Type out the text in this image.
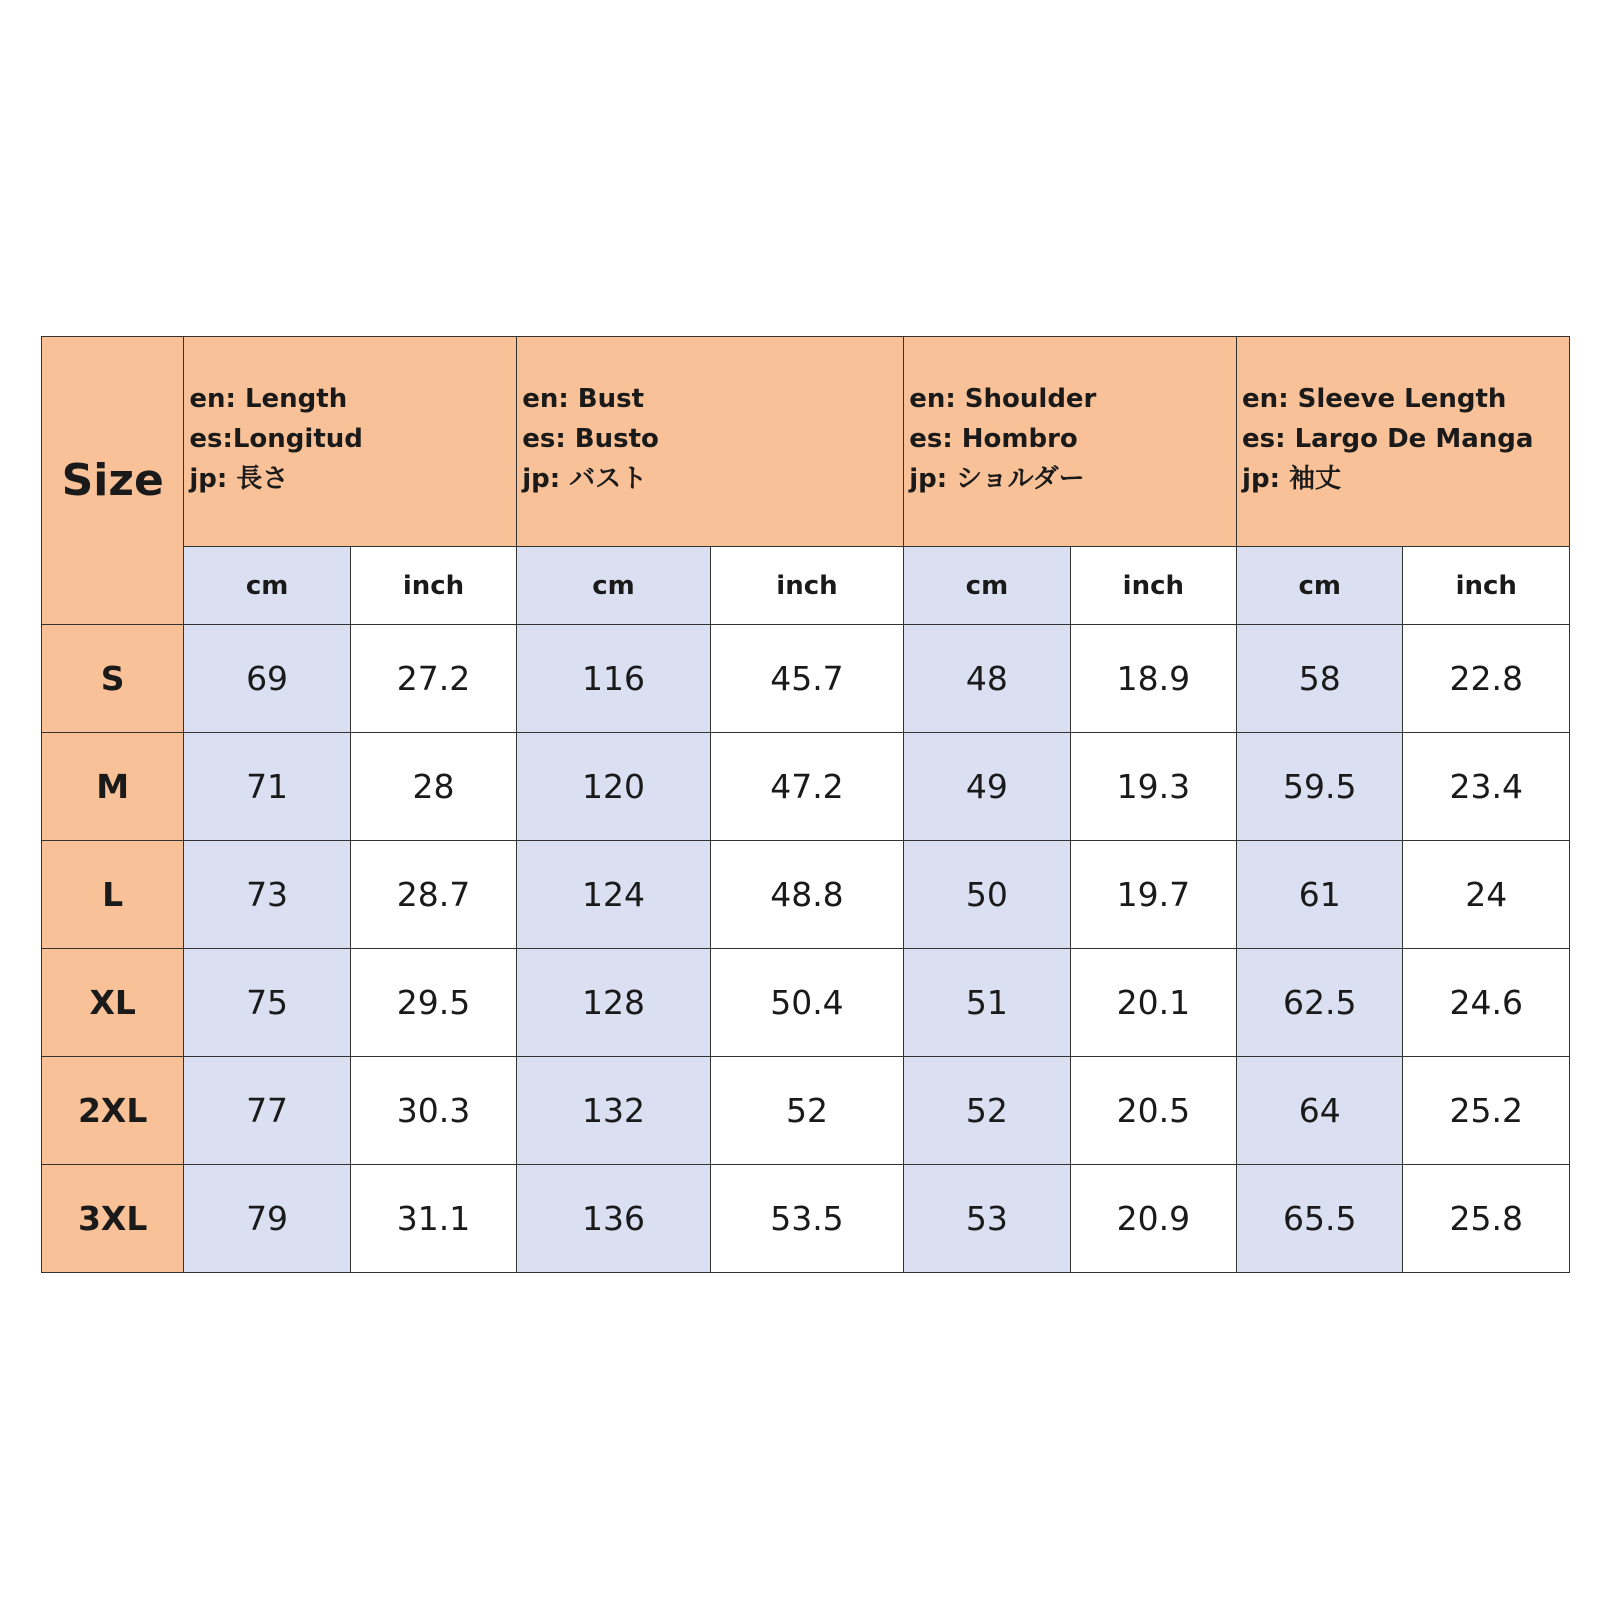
Size	en: Length
es:Longitud
jp: 長さ		en: Bust
es: Busto
jp: バスト		en: Shoulder
es: Hombro
jp: ショルダー		en: Sleeve Length
es: Largo De Manga
jp: 袖丈	

	cm	inch	cm	inch	cm	inch	cm	inch
S	69	27.2	116	45.7	48	18.9	58	22.8
M	71	28	120	47.2	49	19.3	59.5	23.4
L	73	28.7	124	48.8	50	19.7	61	24
XL	75	29.5	128	50.4	51	20.1	62.5	24.6
2XL	77	30.3	132	52	52	20.5	64	25.2
3XL	79	31.1	136	53.5	53	20.9	65.5	25.8
